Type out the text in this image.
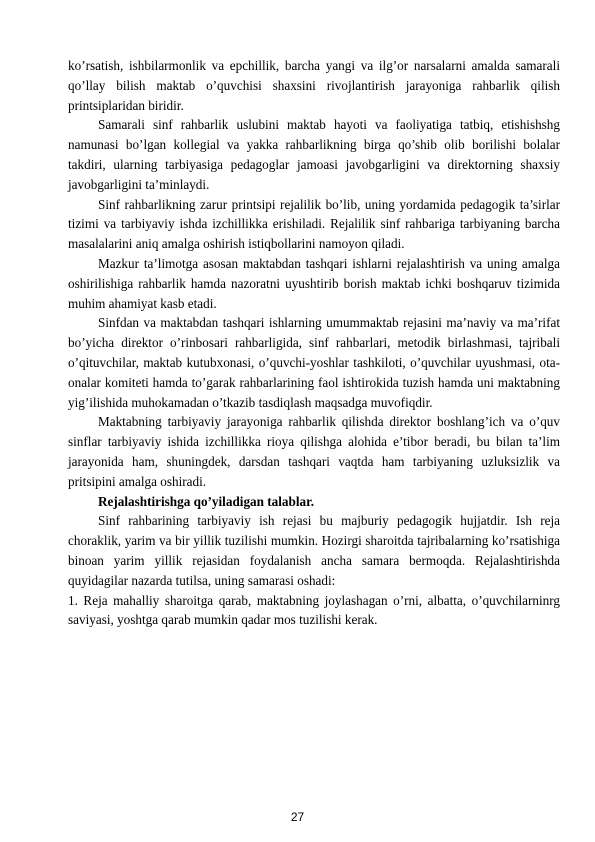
ko’rsatish, ishbilarmonlik va epchillik, barcha yangi va ilg’or narsalarni amalda samarali qo’llay bilish maktab o’quvchisi shaxsini rivojlantirish jarayoniga rahbarlik qilish printsiplaridan biridir.

Samarali sinf rahbarlik uslubini maktab hayoti va faoliyatiga tatbiq, etishishshg namunasi bo’lgan kollegial va yakka rahbarlikning birga qo’shib olib borilishi bolalar takdiri, ularning tarbiyasiga pedagoglar jamoasi javobgarligini va direktorning shaxsiy javobgarligini ta’minlaydi.

Sinf rahbarlikning zarur printsipi rejalilik bo’lib, uning yordamida pedagogik ta’sirlar tizimi va tarbiyaviy ishda izchillikka erishiladi. Rejalilik sinf rahbariga tarbiyaning barcha masalalarini aniq amalga oshirish istiqbollarini namoyon qiladi.

Mazkur ta’limotga asosan maktabdan tashqari ishlarni rejalashtirish va uning amalga oshirilishiga rahbarlik hamda nazoratni uyushtirib borish maktab ichki boshqaruv tizimida muhim ahamiyat kasb etadi.

Sinfdan va maktabdan tashqari ishlarning umummaktab rejasini ma’naviy va ma’rifat bo’yicha direktor o’rinbosari rahbarligida, sinf rahbarlari, metodik birlashmasi, tajribali o’qituvchilar, maktab kutubxonasi, o’quvchi-yoshlar tashkiloti, o’quvchilar uyushmasi, ota-onalar komiteti hamda to’garak rahbarlarining faol ishtirokida tuzish hamda uni maktabning yig’ilishida muhokamadan o’tkazib tasdiqlash maqsadga muvofiqdir.

Maktabning tarbiyaviy jarayoniga rahbarlik qilishda direktor boshlang’ich va o’quv sinflar tarbiyaviy ishida izchillikka rioya qilishga alohida e’tibor beradi, bu bilan ta’lim jarayonida ham, shuningdek, darsdan tashqari vaqtda ham tarbiyaning uzluksizlik va pritsipini amalga oshiradi.

Rejalashtirishga qo’yiladigan talablar.

Sinf rahbarining tarbiyaviy ish rejasi bu majburiy pedagogik hujjatdir. Ish reja choraklik, yarim va bir yillik tuzilishi mumkin. Hozirgi sharoitda tajribalarning ko’rsatishiga binoan yarim yillik rejasidan foydalanish ancha samara bermoqda. Rejalashtirishda quyidagilar nazarda tutilsa, uning samarasi oshadi:

1. Reja mahalliy sharoitga qarab, maktabning joylashagan o’rni, albatta, o’quvchilarninrg saviyasi, yoshtga qarab mumkin qadar mos tuzilishi kerak.

27
